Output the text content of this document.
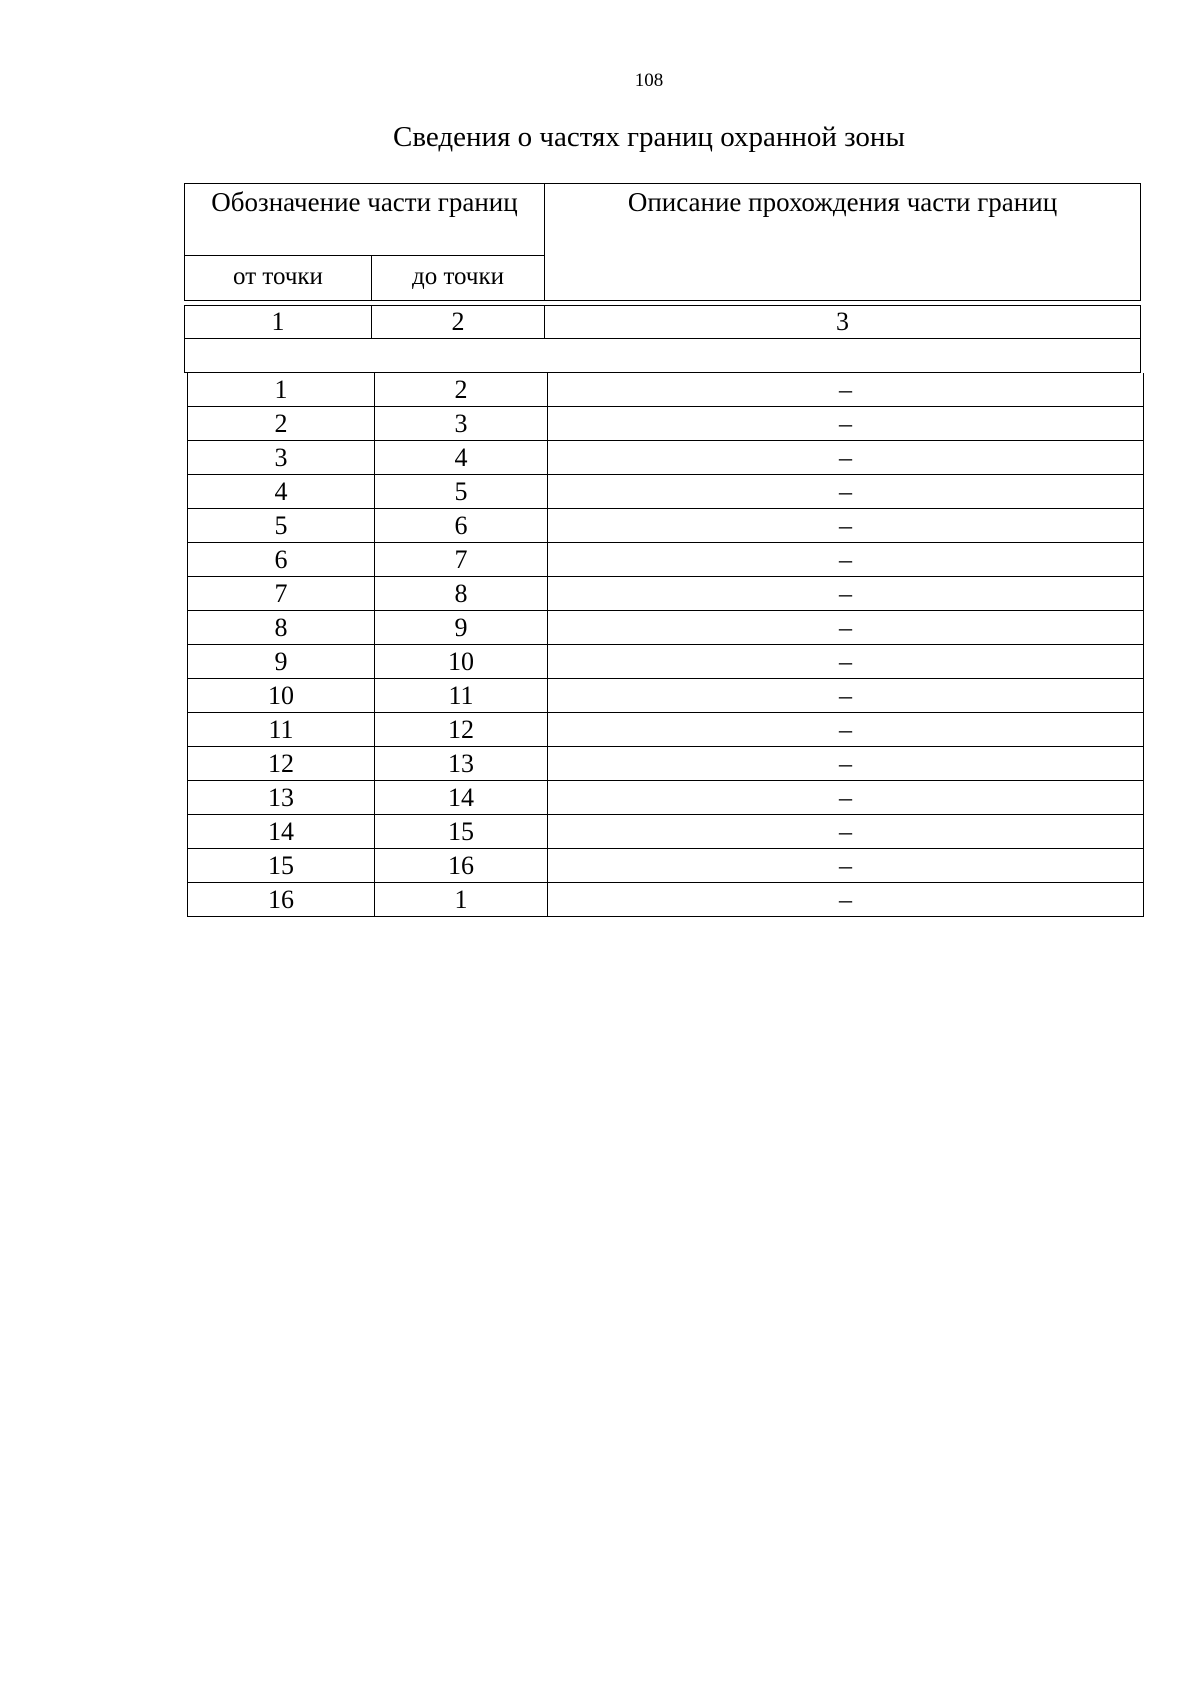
108
Сведения о частях границ охранной зоны
Обозначение части границ	Описание прохождения части границ
от точки	до точки
1	2	3
1	2	–
2	3	–
3	4	–
4	5	–
5	6	–
6	7	–
7	8	–
8	9	–
9	10	–
10	11	–
11	12	–
12	13	–
13	14	–
14	15	–
15	16	–
16	1	–
